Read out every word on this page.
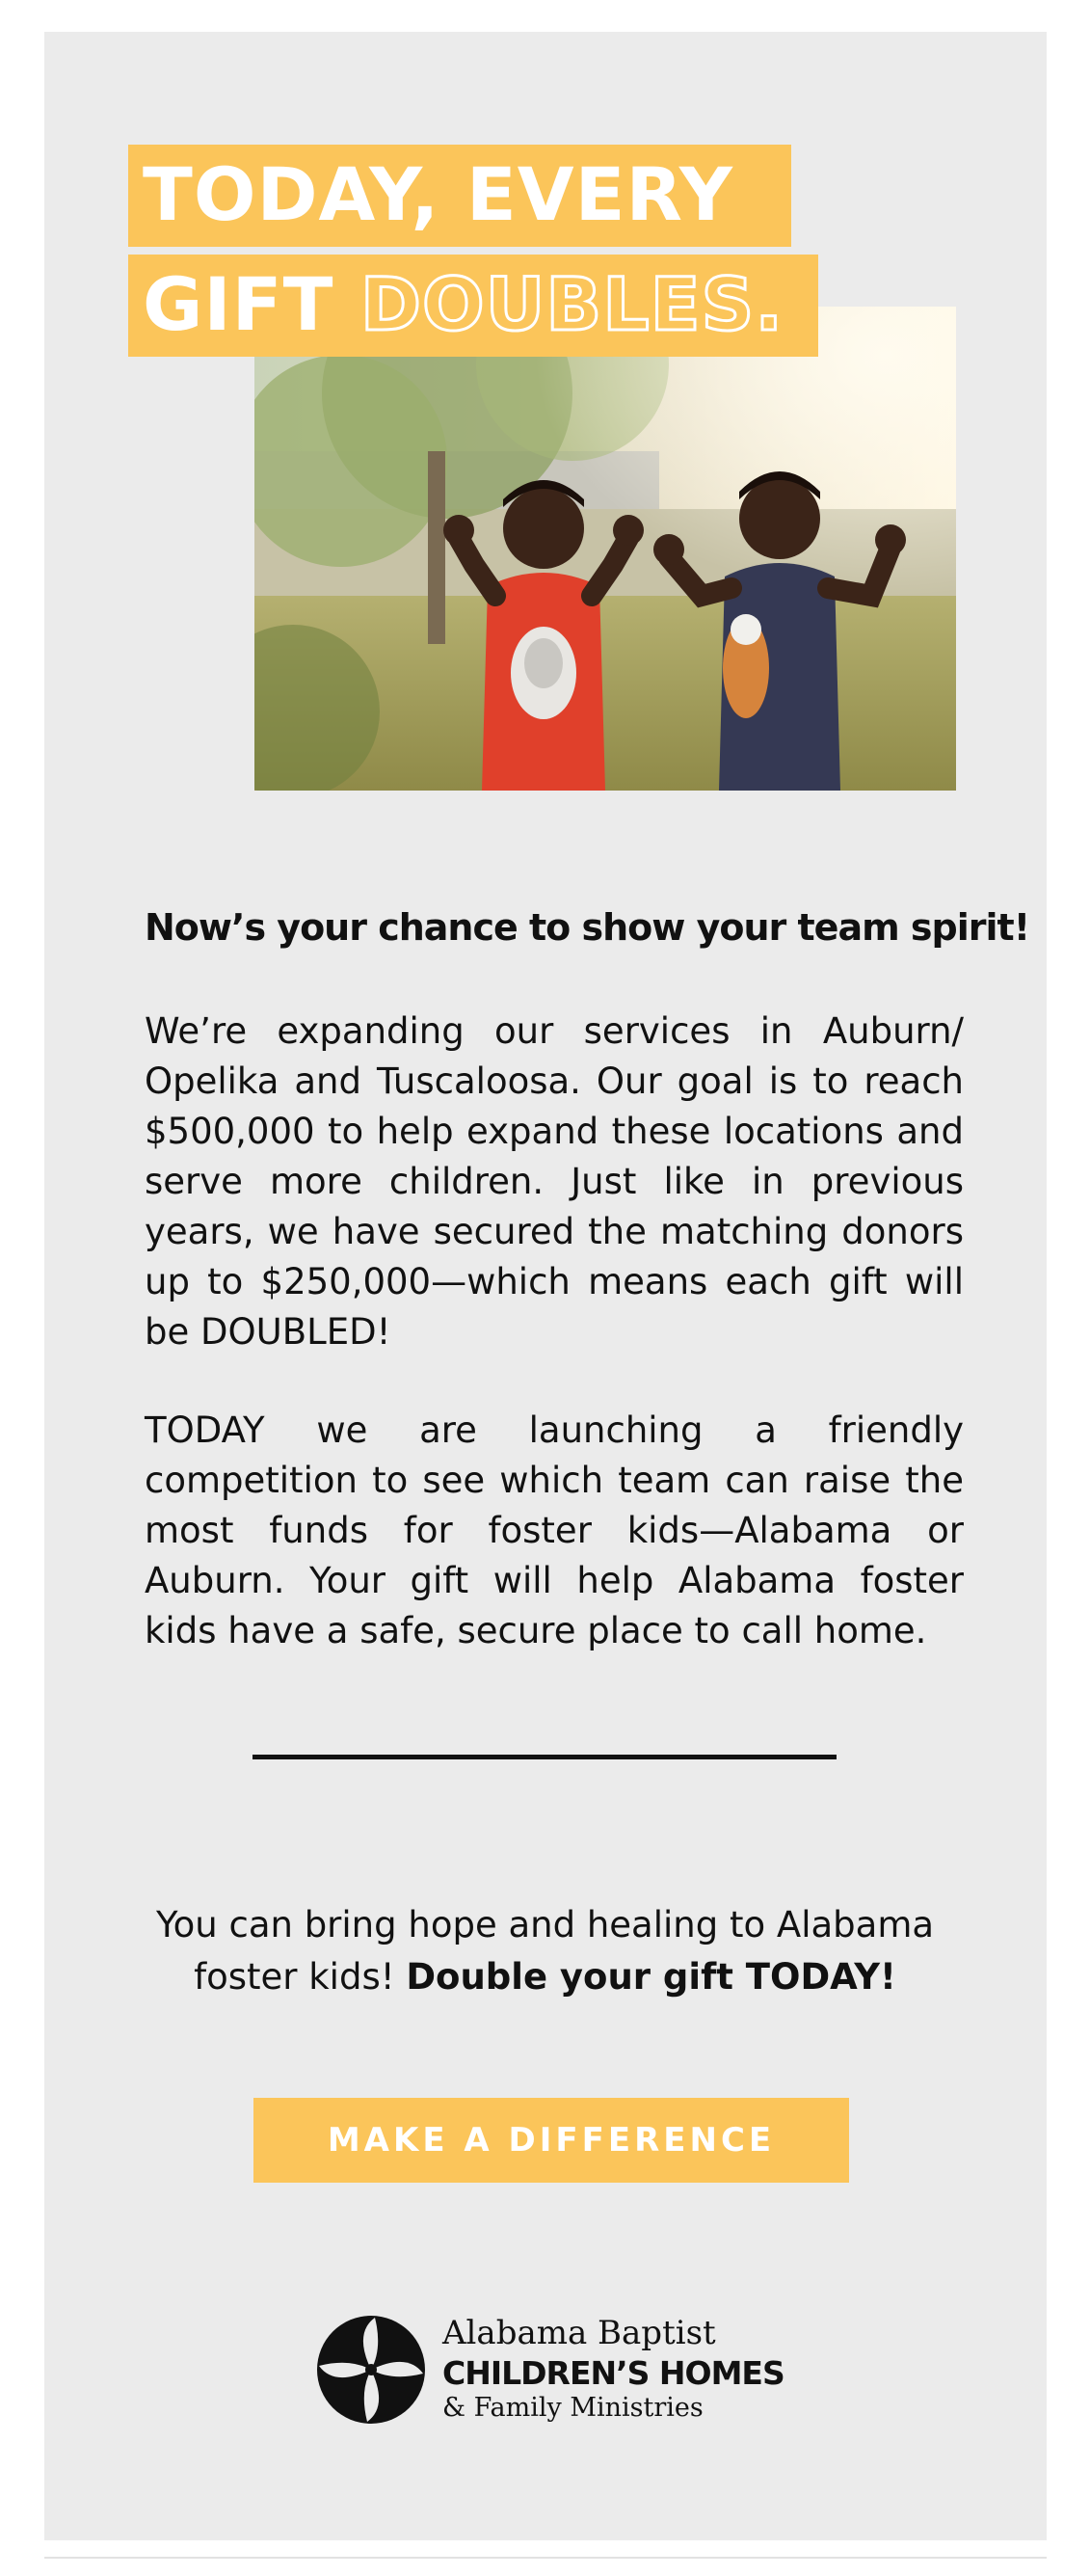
TODAY, EVERY
GIFT DOUBLES.
Now’s your chance to show your team spirit!

We’re expanding our services in Auburn/ Opelika and Tuscaloosa. Our goal is to reach $500,000 to help expand these locations and serve more children. Just like in previous years, we have secured the matching donors up to $250,000—which means each gift will be DOUBLED!

TODAY we are launching a friendly competition to see which team can raise the most funds for foster kids—Alabama or Auburn. Your gift will help Alabama foster kids have a safe, secure place to call home.

You can bring hope and healing to Alabama foster kids! Double your gift TODAY!

MAKE A DIFFERENCE
Alabama Baptist
CHILDREN’S HOMES
& Family Ministries
